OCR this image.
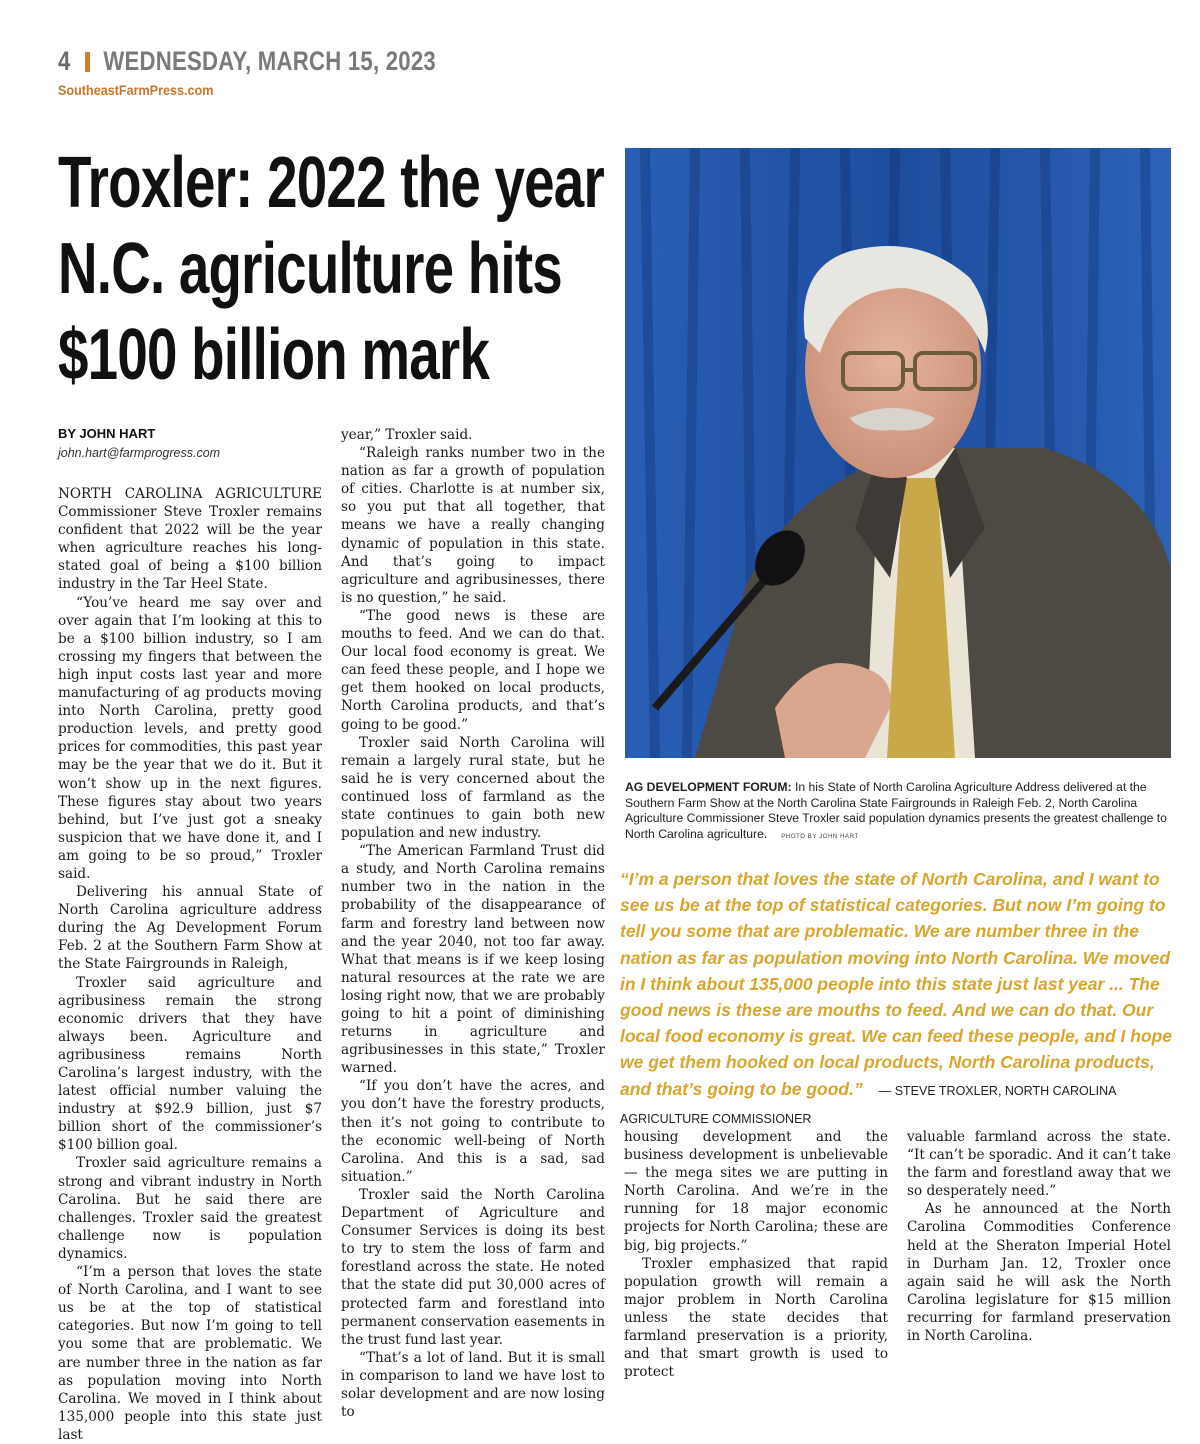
4 WEDNESDAY, MARCH 15, 2023
SoutheastFarmPress.com
Troxler: 2022 the year
N.C. agriculture hits
$100 billion mark
BY JOHN HART
john.hart@farmprogress.com

NORTH CAROLINA AGRICULTURE Commissioner Steve Troxler remains confident that 2022 will be the year when agriculture reaches his long-stated goal of being a $100 billion industry in the Tar Heel State.

“You’ve heard me say over and over again that I’m looking at this to be a $100 billion industry, so I am crossing my fingers that between the high input costs last year and more manufacturing of ag products moving into North Carolina, pretty good production levels, and pretty good prices for commodities, this past year may be the year that we do it. But it won’t show up in the next figures. These figures stay about two years behind, but I’ve just got a sneaky suspicion that we have done it, and I am going to be so proud,” Troxler said.

Delivering his annual State of North Carolina agriculture address during the Ag Development Forum Feb. 2 at the Southern Farm Show at the State Fairgrounds in Raleigh,

Troxler said agriculture and agribusiness remain the strong economic drivers that they have always been. Agriculture and agribusiness remains North Carolina’s largest industry, with the latest official number valuing the industry at $92.9 billion, just $7 billion short of the commissioner’s $100 billion goal.

Troxler said agriculture remains a strong and vibrant industry in North Carolina. But he said there are challenges. Troxler said the greatest challenge now is population dynamics.

“I’m a person that loves the state of North Carolina, and I want to see us be at the top of statistical categories. But now I’m going to tell you some that are problematic. We are number three in the nation as far as population moving into North Carolina. We moved in I think about 135,000 people into this state just last

year,” Troxler said.

“Raleigh ranks number two in the nation as far a growth of population of cities. Charlotte is at number six, so you put that all together, that means we have a really changing dynamic of population in this state. And that’s going to impact agriculture and agribusinesses, there is no question,” he said.

“The good news is these are mouths to feed. And we can do that. Our local food economy is great. We can feed these people, and I hope we get them hooked on local products, North Carolina products, and that’s going to be good.”

Troxler said North Carolina will remain a largely rural state, but he said he is very concerned about the continued loss of farmland as the state continues to gain both new population and new industry.

“The American Farmland Trust did a study, and North Carolina remains number two in the nation in the probability of the disappearance of farm and forestry land between now and the year 2040, not too far away. What that means is if we keep losing natural resources at the rate we are losing right now, that we are probably going to hit a point of diminishing returns in agriculture and agribusinesses in this state,” Troxler warned.

“If you don’t have the acres, and you don’t have the forestry products, then it’s not going to contribute to the economic well-being of North Carolina. And this is a sad, sad situation.”

Troxler said the North Carolina Department of Agriculture and Consumer Services is doing its best to try to stem the loss of farm and forestland across the state. He noted that the state did put 30,000 acres of protected farm and forestland into permanent conservation easements in the trust fund last year.

“That’s a lot of land. But it is small in comparison to land we have lost to solar development and are now losing to

AG DEVELOPMENT FORUM: In his State of North Carolina Agriculture Address delivered at the Southern Farm Show at the North Carolina State Fairgrounds in Raleigh Feb. 2, North Carolina Agriculture Commissioner Steve Troxler said population dynamics presents the greatest challenge to North Carolina agriculture. PHOTO BY JOHN HART
“I’m a person that loves the state of North Carolina, and I want to see us be at the top of statistical categories. But now I’m going to tell you some that are problematic. We are number three in the nation as far as population moving into North Carolina. We moved in I think about 135,000 people into this state just last year ... The good news is these are mouths to feed. And we can do that. Our local food economy is great. We can feed these people, and I hope we get them hooked on local products, North Carolina products, and that’s going to be good.” — STEVE TROXLER, NORTH CAROLINA AGRICULTURE COMMISSIONER

housing development and the business development is unbelievable — the mega sites we are putting in North Carolina. And we’re in the running for 18 major economic projects for North Carolina; these are big, big projects.”

Troxler emphasized that rapid population growth will remain a major problem in North Carolina unless the state decides that farmland preservation is a priority, and that smart growth is used to protect

valuable farmland across the state. “It can’t be sporadic. And it can’t take the farm and forestland away that we so desperately need.”

As he announced at the North Carolina Commodities Conference held at the Sheraton Imperial Hotel in Durham Jan. 12, Troxler once again said he will ask the North Carolina legislature for $15 million recurring for farmland preservation in North Carolina.
